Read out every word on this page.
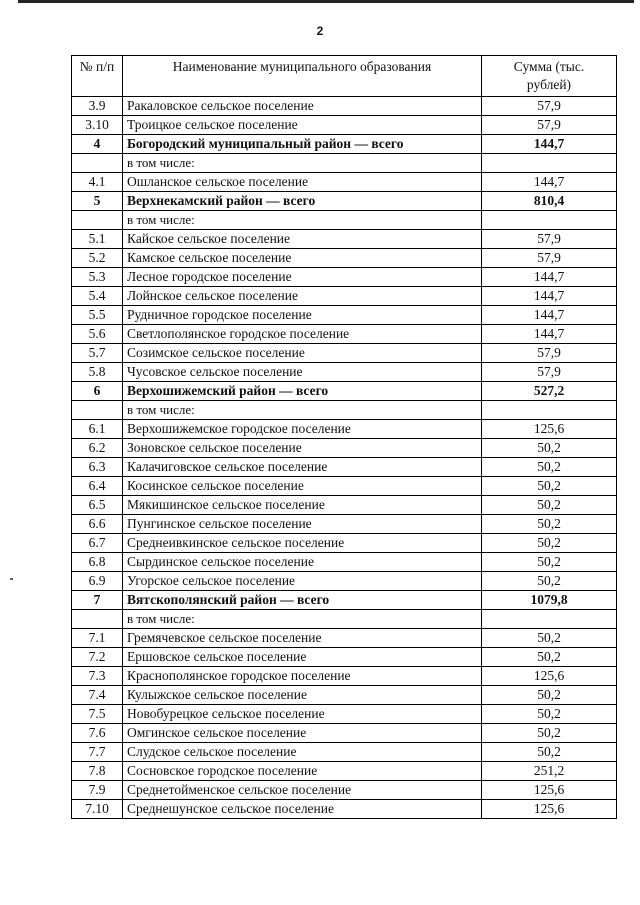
2
№ п/п	Наименование муниципального образования	Сумма (тыс. рублей)
3.9	Ракаловское сельское поселение	57,9
3.10	Троицкое сельское поселение	57,9
4	Богородский муниципальный район — всего	144,7
	в том числе:	
4.1	Ошланское сельское поселение	144,7
5	Верхнекамский район — всего	810,4
	в том числе:	
5.1	Кайское сельское поселение	57,9
5.2	Камское сельское поселение	57,9
5.3	Лесное городское поселение	144,7
5.4	Лойнское сельское поселение	144,7
5.5	Рудничное городское поселение	144,7
5.6	Светлополянское городское поселение	144,7
5.7	Созимское сельское поселение	57,9
5.8	Чусовское сельское поселение	57,9
6	Верхошижемский район — всего	527,2
	в том числе:	
6.1	Верхошижемское городское поселение	125,6
6.2	Зоновское сельское поселение	50,2
6.3	Калачиговское сельское поселение	50,2
6.4	Косинское сельское поселение	50,2
6.5	Мякишинское сельское поселение	50,2
6.6	Пунгинское сельское поселение	50,2
6.7	Среднеивкинское сельское поселение	50,2
6.8	Сырдинское сельское поселение	50,2
6.9	Угорское сельское поселение	50,2
7	Вятскополянский район — всего	1079,8
	в том числе:	
7.1	Гремячевское сельское поселение	50,2
7.2	Ершовское сельское поселение	50,2
7.3	Краснополянское городское поселение	125,6
7.4	Кулыжское сельское поселение	50,2
7.5	Новобурецкое сельское поселение	50,2
7.6	Омгинское сельское поселение	50,2
7.7	Слудское сельское поселение	50,2
7.8	Сосновское городское поселение	251,2
7.9	Среднетойменское сельское поселение	125,6
7.10	Среднешунское сельское поселение	125,6
